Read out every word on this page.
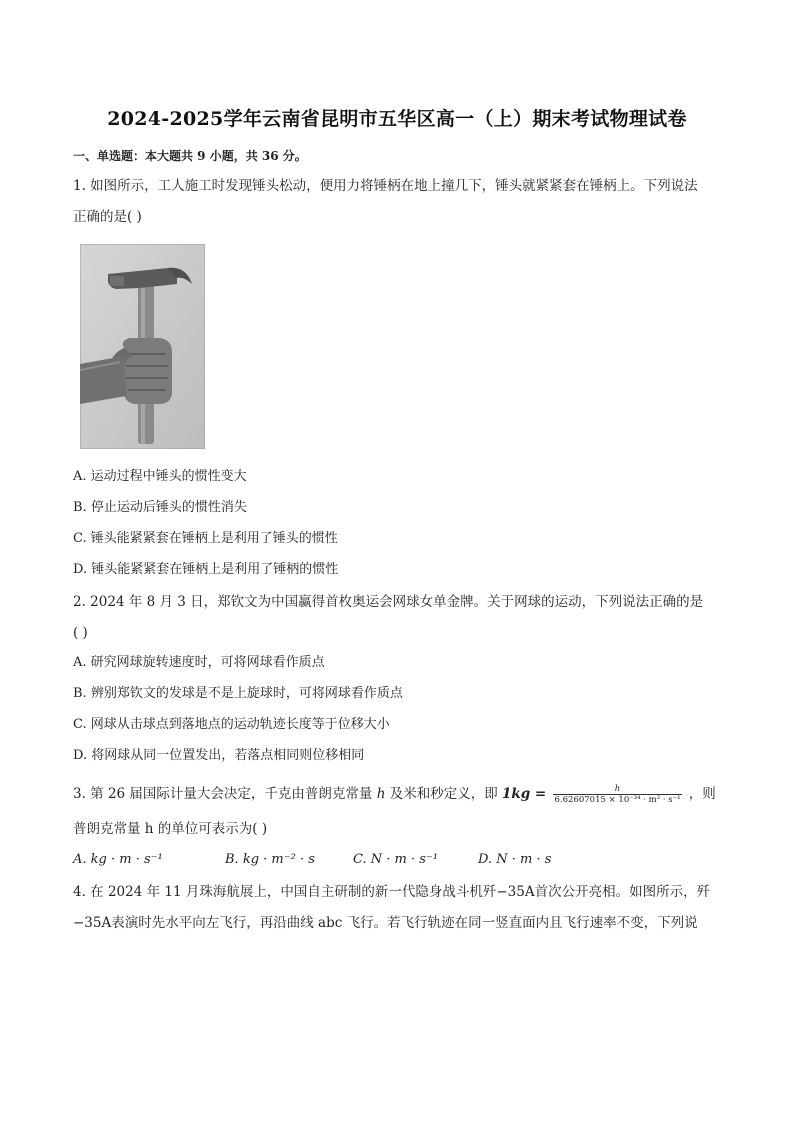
2024-2025学年云南省昆明市五华区高一（上）期末考试物理试卷
一、单选题：本大题共 9 小题，共 36 分。
1. 如图所示，工人施工时发现锤头松动，便用力将锤柄在地上撞几下，锤头就紧紧套在锤柄上。下列说法
正确的是( )
A. 运动过程中锤头的惯性变大
B. 停止运动后锤头的惯性消失
C. 锤头能紧紧套在锤柄上是利用了锤头的惯性
D. 锤头能紧紧套在锤柄上是利用了锤柄的惯性
2. 2024 年 8 月 3 日，郑钦文为中国赢得首枚奥运会网球女单金牌。关于网球的运动，下列说法正确的是
( )
A. 研究网球旋转速度时，可将网球看作质点
B. 辨别郑钦文的发球是不是上旋球时，可将网球看作质点
C. 网球从击球点到落地点的运动轨迹长度等于位移大小
D. 将网球从同一位置发出，若落点相同则位移相同
3. 第 26 届国际计量大会决定，千克由普朗克常量 h 及米和秒定义，即 $1kg = \frac{h}{\text{6.62607015 × 10⁻³⁴ · m² · s⁻¹}}$ ，则
普朗克常量 h 的单位可表示为( )
A. kg · m · s⁻¹	B. kg · m⁻² · s	C. N · m · s⁻¹	D. N · m · s
4. 在 2024 年 11 月珠海航展上，中国自主研制的新一代隐身战斗机歼−35A首次公开亮相。如图所示，歼
−35A表演时先水平向左飞行，再沿曲线 abc 飞行。若飞行轨迹在同一竖直面内且飞行速率不变，下列说
